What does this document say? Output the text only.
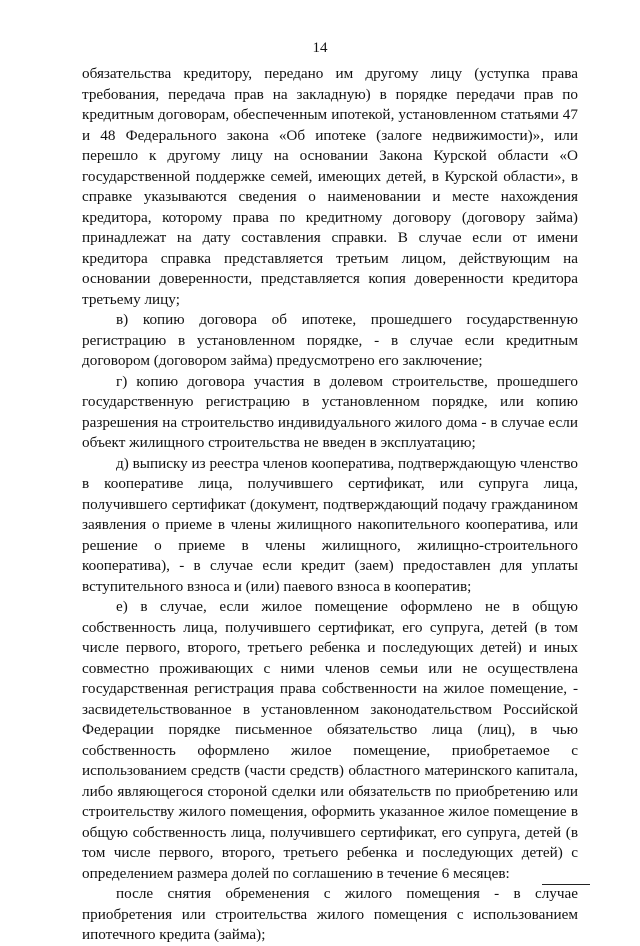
14

обязательства кредитору, передано им другому лицу (уступка права требования, передача прав на закладную) в порядке передачи прав по кредитным договорам, обеспеченным ипотекой, установленном статьями 47 и 48 Федерального закона «Об ипотеке (залоге недвижимости)», или перешло к другому лицу на основании Закона Курской области «О государственной поддержке семей, имеющих детей, в Курской области», в справке указываются сведения о наименовании и месте нахождения кредитора, которому права по кредитному договору (договору займа) принадлежат на дату составления справки. В случае если от имени кредитора справка представляется третьим лицом, действующим на основании доверенности, представляется копия доверенности кредитора третьему лицу;

в) копию договора об ипотеке, прошедшего государственную регистрацию в установленном порядке, - в случае если кредитным договором (договором займа) предусмотрено его заключение;

г) копию договора участия в долевом строительстве, прошедшего государственную регистрацию в установленном порядке, или копию разрешения на строительство индивидуального жилого дома - в случае если объект жилищного строительства не введен в эксплуатацию;

д) выписку из реестра членов кооператива, подтверждающую членство в кооперативе лица, получившего сертификат, или супруга лица, получившего сертификат (документ, подтверждающий подачу гражданином заявления о приеме в члены жилищного накопительного кооператива, или решение о приеме в члены жилищного, жилищно-строительного кооператива), - в случае если кредит (заем) предоставлен для уплаты вступительного взноса и (или) паевого взноса в кооператив;

е) в случае, если жилое помещение оформлено не в общую собственность лица, получившего сертификат, его супруга, детей (в том числе первого, второго, третьего ребенка и последующих детей) и иных совместно проживающих с ними членов семьи или не осуществлена государственная регистрация права собственности на жилое помещение, - засвидетельствованное в установленном законодательством Российской Федерации порядке письменное обязательство лица (лиц), в чью собственность оформлено жилое помещение, приобретаемое с использованием средств (части средств) областного материнского капитала, либо являющегося стороной сделки или обязательств по приобретению или строительству жилого помещения, оформить указанное жилое помещение в общую собственность лица, получившего сертификат, его супруга, детей (в том числе первого, второго, третьего ребенка и последующих детей) с определением размера долей по соглашению в течение 6 месяцев:

после снятия обременения с жилого помещения - в случае приобретения или строительства жилого помещения с использованием ипотечного кредита (займа);
